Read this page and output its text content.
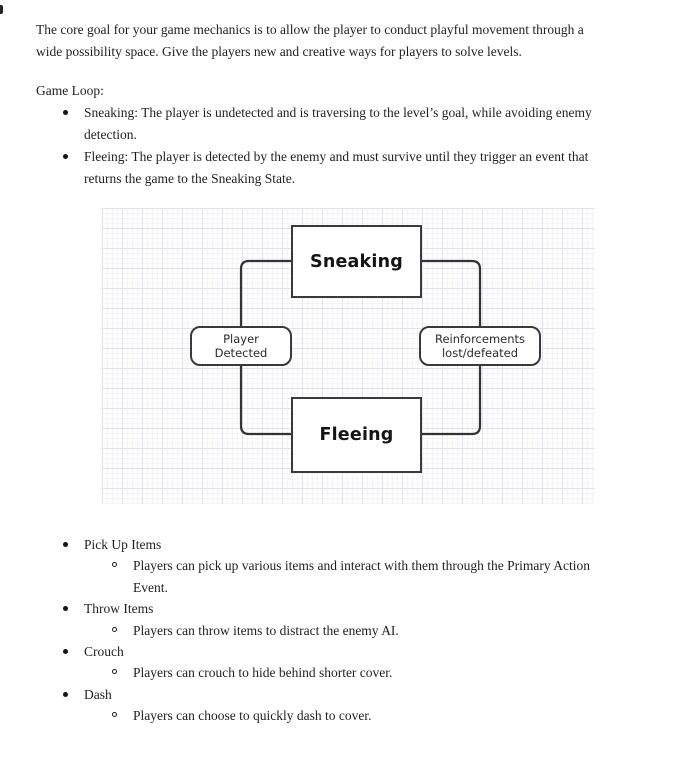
The core goal for your game mechanics is to allow the player to conduct playful movement through a
wide possibility space. Give the players new and creative ways for players to solve levels.
Game Loop:
Sneaking: The player is undetected and is traversing to the level’s goal, while avoiding enemy
detection.
Fleeing: The player is detected by the enemy and must survive until they trigger an event that
returns the game to the Sneaking State.
Sneaking
Fleeing
Player
Detected
Reinforcements
lost/defeated
Pick Up Items
Players can pick up various items and interact with them through the Primary Action
Event.
Throw Items
Players can throw items to distract the enemy AI.
Crouch
Players can crouch to hide behind shorter cover.
Dash
Players can choose to quickly dash to cover.
